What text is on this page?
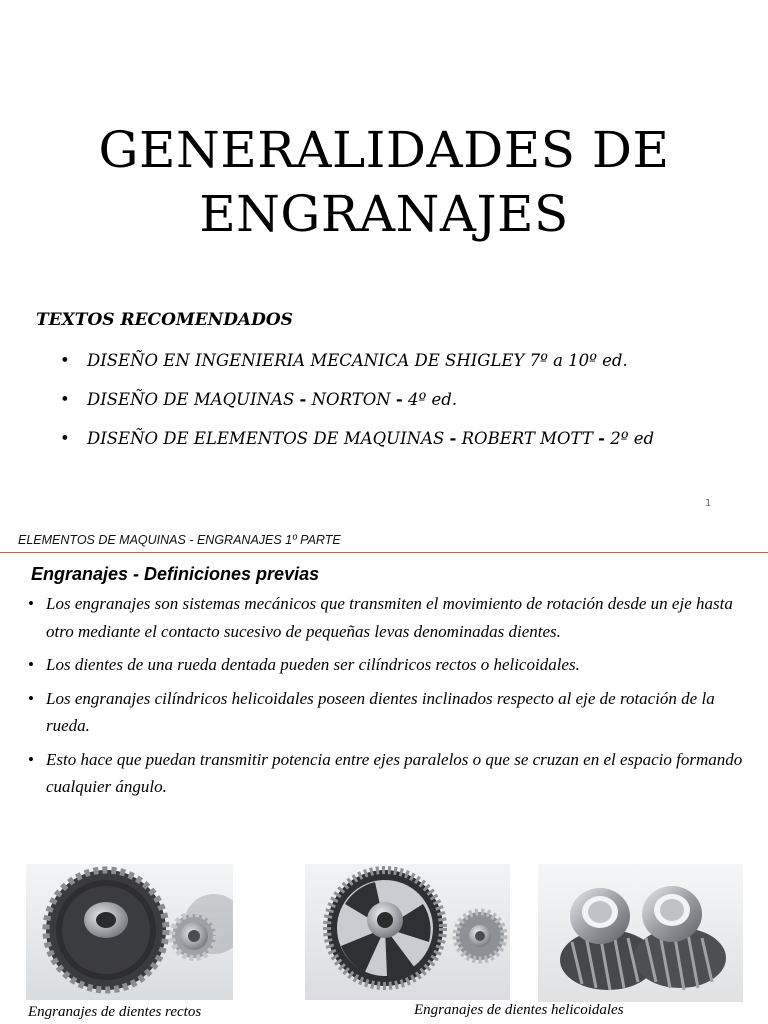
GENERALIDADES DE
ENGRANAJES

TEXTOS RECOMENDADOS

• DISEÑO EN INGENIERIA MECANICA DE SHIGLEY 7º a 10º ed.
• DISEÑO DE MAQUINAS - NORTON - 4º ed.
• DISEÑO DE ELEMENTOS DE MAQUINAS - ROBERT MOTT - 2º ed
1
ELEMENTOS DE MAQUINAS - ENGRANAJES 1º PARTE
Engranajes - Definiciones previas
• Los engranajes son sistemas mecánicos que transmiten el movimiento de rotación desde un eje hasta otro mediante el contacto sucesivo de pequeñas levas denominadas dientes.
• Los dientes de una rueda dentada pueden ser cilíndricos rectos o helicoidales.
• Los engranajes cilíndricos helicoidales poseen dientes inclinados respecto al eje de rotación de la rueda.
• Esto hace que puedan transmitir potencia entre ejes paralelos o que se cruzan en el espacio formando cualquier ángulo.
Engranajes de dientes rectos	Engranajes de dientes helicoidales
